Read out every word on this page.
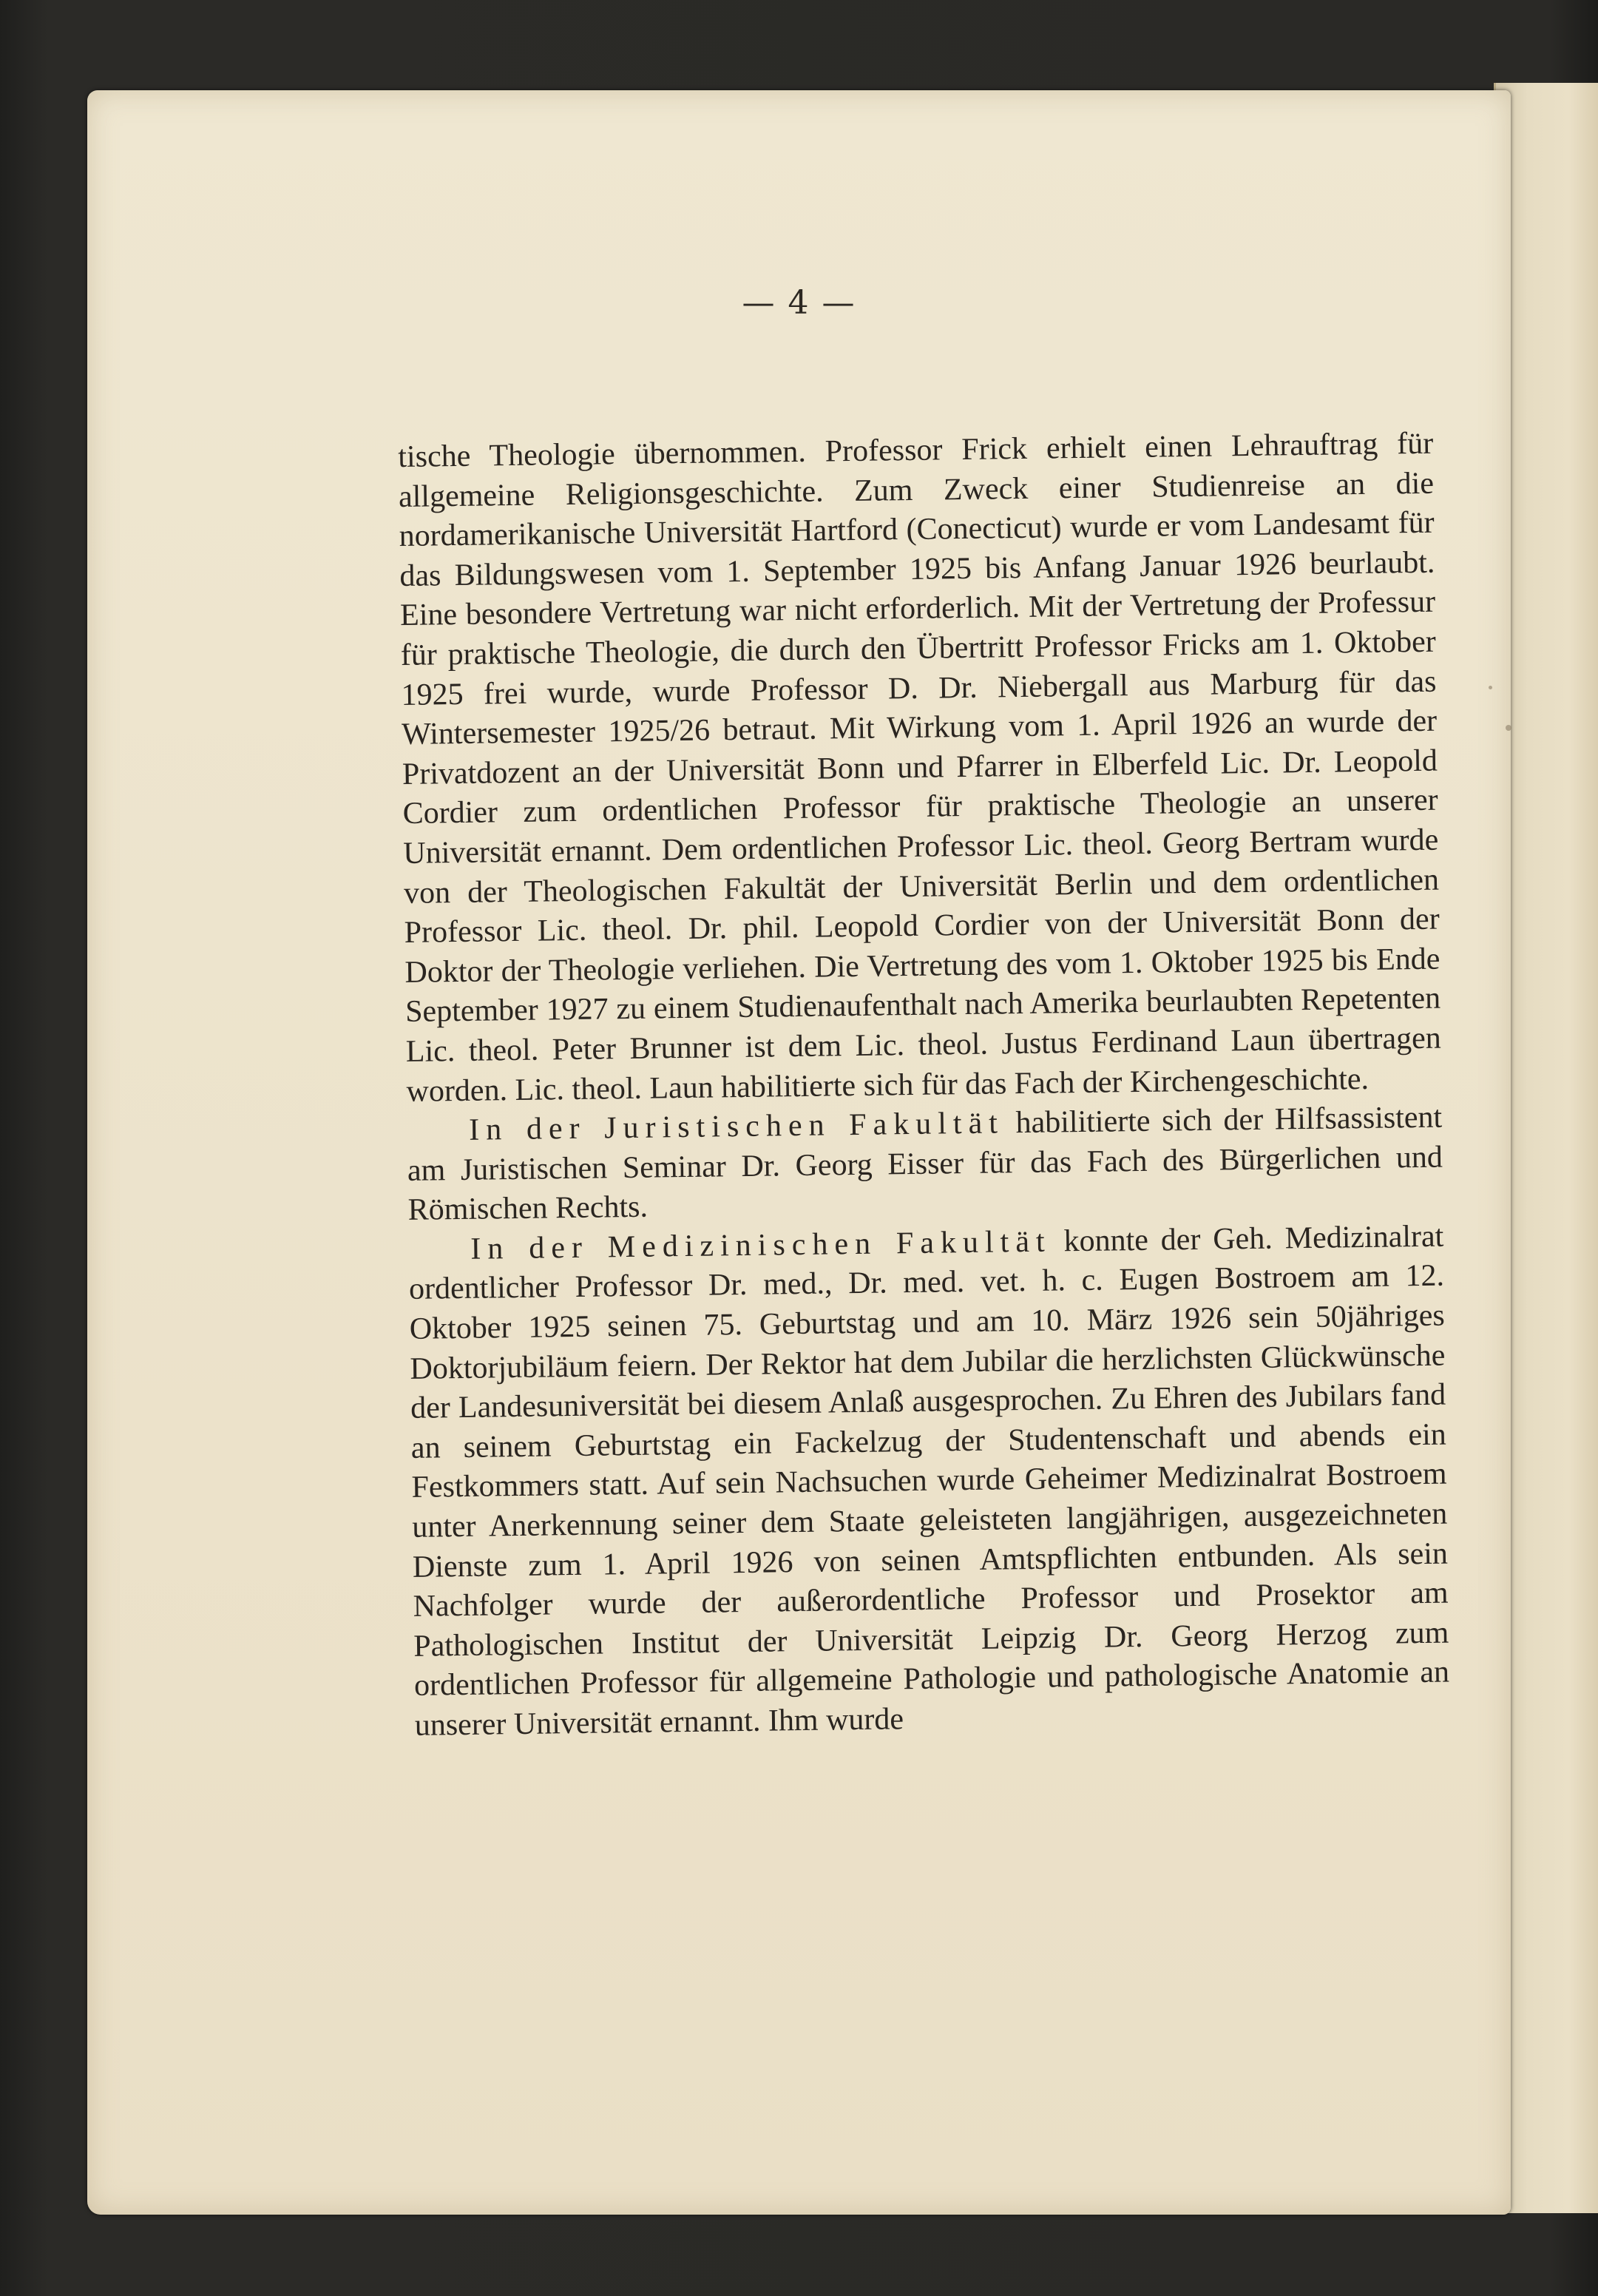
— 4 —

tische Theologie übernommen. Professor Frick erhielt einen Lehrauftrag für allgemeine Religionsgeschichte. Zum Zweck einer Studienreise an die nordamerikanische Universität Hartford (Conecticut) wurde er vom Landesamt für das Bildungswesen vom 1. September 1925 bis Anfang Januar 1926 beurlaubt. Eine besondere Vertretung war nicht erforderlich. Mit der Vertretung der Professur für praktische Theologie, die durch den Übertritt Professor Fricks am 1. Oktober 1925 frei wurde, wurde Professor D. Dr. Niebergall aus Marburg für das Wintersemester 1925/26 betraut. Mit Wirkung vom 1. April 1926 an wurde der Privatdozent an der Universität Bonn und Pfarrer in Elberfeld Lic. Dr. Leopold Cordier zum ordentlichen Professor für praktische Theologie an unserer Universität ernannt. Dem ordentlichen Professor Lic. theol. Georg Bertram wurde von der Theologischen Fakultät der Universität Berlin und dem ordentlichen Professor Lic. theol. Dr. phil. Leopold Cordier von der Universität Bonn der Doktor der Theologie verliehen. Die Vertretung des vom 1. Oktober 1925 bis Ende September 1927 zu einem Studienaufenthalt nach Amerika beurlaubten Repetenten Lic. theol. Peter Brunner ist dem Lic. theol. Justus Ferdinand Laun übertragen worden. Lic. theol. Laun habilitierte sich für das Fach der Kirchengeschichte.

In der Juristischen Fakultät habilitierte sich der Hilfsassistent am Juristischen Seminar Dr. Georg Eisser für das Fach des Bürgerlichen und Römischen Rechts.

In der Medizinischen Fakultät konnte der Geh. Medizinalrat ordentlicher Professor Dr. med., Dr. med. vet. h. c. Eugen Bostroem am 12. Oktober 1925 seinen 75. Geburtstag und am 10. März 1926 sein 50jähriges Doktorjubiläum feiern. Der Rektor hat dem Jubilar die herzlichsten Glückwünsche der Landesuniversität bei diesem Anlaß ausgesprochen. Zu Ehren des Jubilars fand an seinem Geburtstag ein Fackelzug der Studentenschaft und abends ein Festkommers statt. Auf sein Nachsuchen wurde Geheimer Medizinalrat Bostroem unter Anerkennung seiner dem Staate geleisteten langjährigen, ausgezeichneten Dienste zum 1. April 1926 von seinen Amtspflichten entbunden. Als sein Nachfolger wurde der außerordentliche Professor und Prosektor am Pathologischen Institut der Universität Leipzig Dr. Georg Herzog zum ordentlichen Professor für allgemeine Pathologie und pathologische Anatomie an unserer Universität ernannt. Ihm wurde
